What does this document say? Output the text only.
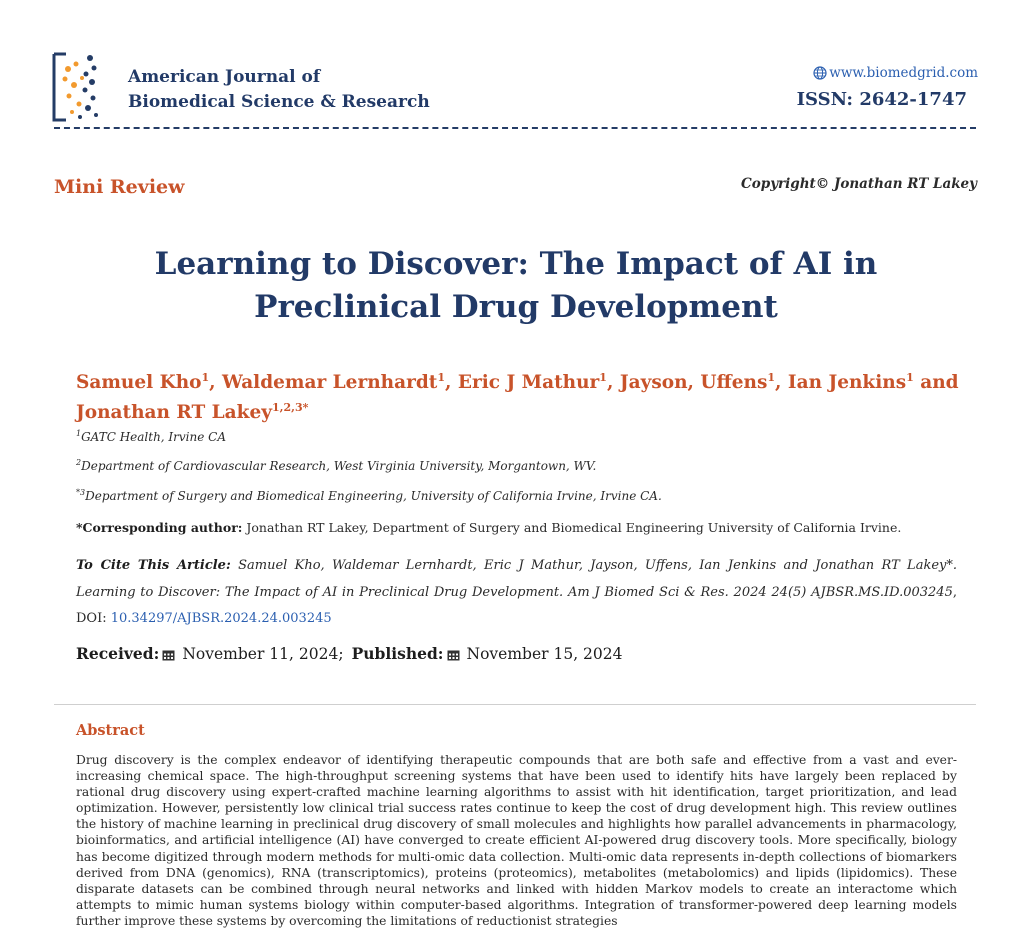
American Journal of
Biomedical Science & Research
www.biomedgrid.com
ISSN: 2642-1747
Mini Review	Copyright© Jonathan RT Lakey
Learning to Discover: The Impact of AI in Preclinical Drug Development
Samuel Kho$^1$, Waldemar Lernhardt$^1$, Eric J Mathur$^1$, Jayson, Uffens$^1$, Ian Jenkins$^1$ and Jonathan RT Lakey$^{1,2,3*}$
$^1$GATC Health, Irvine CA
$^2$Department of Cardiovascular Research, West Virginia University, Morgantown, WV.
$^{*3}$Department of Surgery and Biomedical Engineering, University of California Irvine, Irvine CA.
*Corresponding author: Jonathan RT Lakey, Department of Surgery and Biomedical Engineering University of California Irvine.
To Cite This Article: Samuel Kho, Waldemar Lernhardt, Eric J Mathur, Jayson, Uffens, Ian Jenkins and Jonathan RT Lakey*. Learning to Discover: The Impact of AI in Preclinical Drug Development. Am J Biomed Sci & Res. 2024 24(5) AJBSR.MS.ID.003245, DOI: 10.34297/AJBSR.2024.24.003245
Received: November 11, 2024; Published: November 15, 2024
Abstract
Drug discovery is the complex endeavor of identifying therapeutic compounds that are both safe and effective from a vast and ever-increasing chemical space. The high-throughput screening systems that have been used to identify hits have largely been replaced by rational drug discovery using expert-crafted machine learning algorithms to assist with hit identification, target prioritization, and lead optimization. However, persistently low clinical trial success rates continue to keep the cost of drug development high. This review outlines the history of machine learning in preclinical drug discovery of small molecules and highlights how parallel advancements in pharmacology, bioinformatics, and artificial intelligence (AI) have converged to create efficient AI-powered drug discovery tools. More specifically, biology has become digitized through modern methods for multi-omic data collection. Multi-omic data represents in-depth collections of biomarkers derived from DNA (genomics), RNA (transcriptomics), proteins (proteomics), metabolites (metabolomics) and lipids (lipidomics). These disparate datasets can be combined through neural networks and linked with hidden Markov models to create an interactome which attempts to mimic human systems biology within computer-based algorithms. Integration of transformer-powered deep learning models further improve these systems by overcoming the limitations of reductionist strategies
